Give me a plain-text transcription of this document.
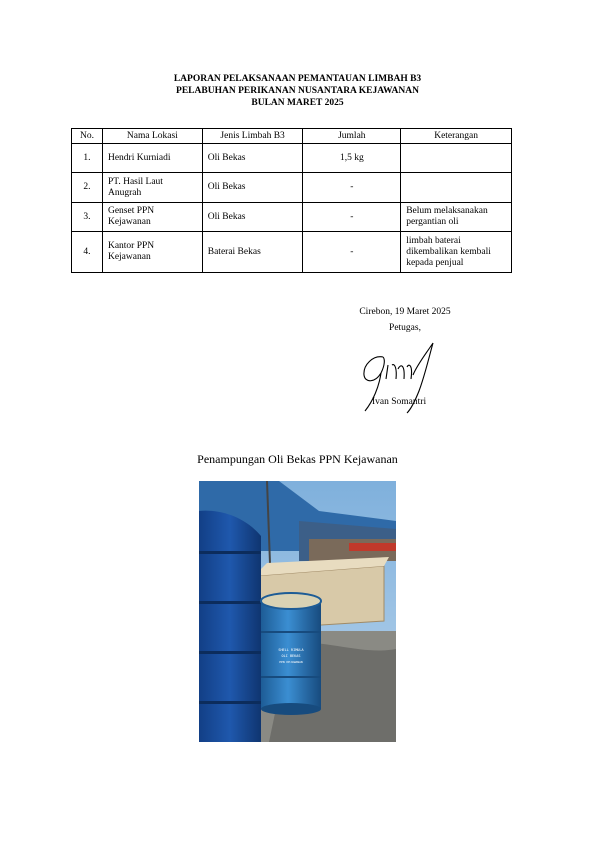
LAPORAN PELAKSANAAN PEMANTAUAN LIMBAH B3
PELABUHAN PERIKANAN NUSANTARA KEJAWANAN
BULAN MARET 2025
No.	Nama Lokasi	Jenis Limbah B3	Jumlah	Keterangan
1.	Hendri Kurniadi	Oli Bekas	1,5 kg	
2.	PT. Hasil Laut Anugrah	Oli Bekas	-	
3.	Genset PPN Kejawanan	Oli Bekas	-	Belum melaksanakan pergantian oli
4.	Kantor PPN Kejawanan	Baterai Bekas	-	limbah baterai dikembalikan kembali kepada penjual
Cirebon, 19 Maret 2025
Petugas,
Ivan Somantri
Penampungan Oli Bekas PPN Kejawanan
SHELL RIMULA
OLI BEKAS
PPN KEJAWANAN
